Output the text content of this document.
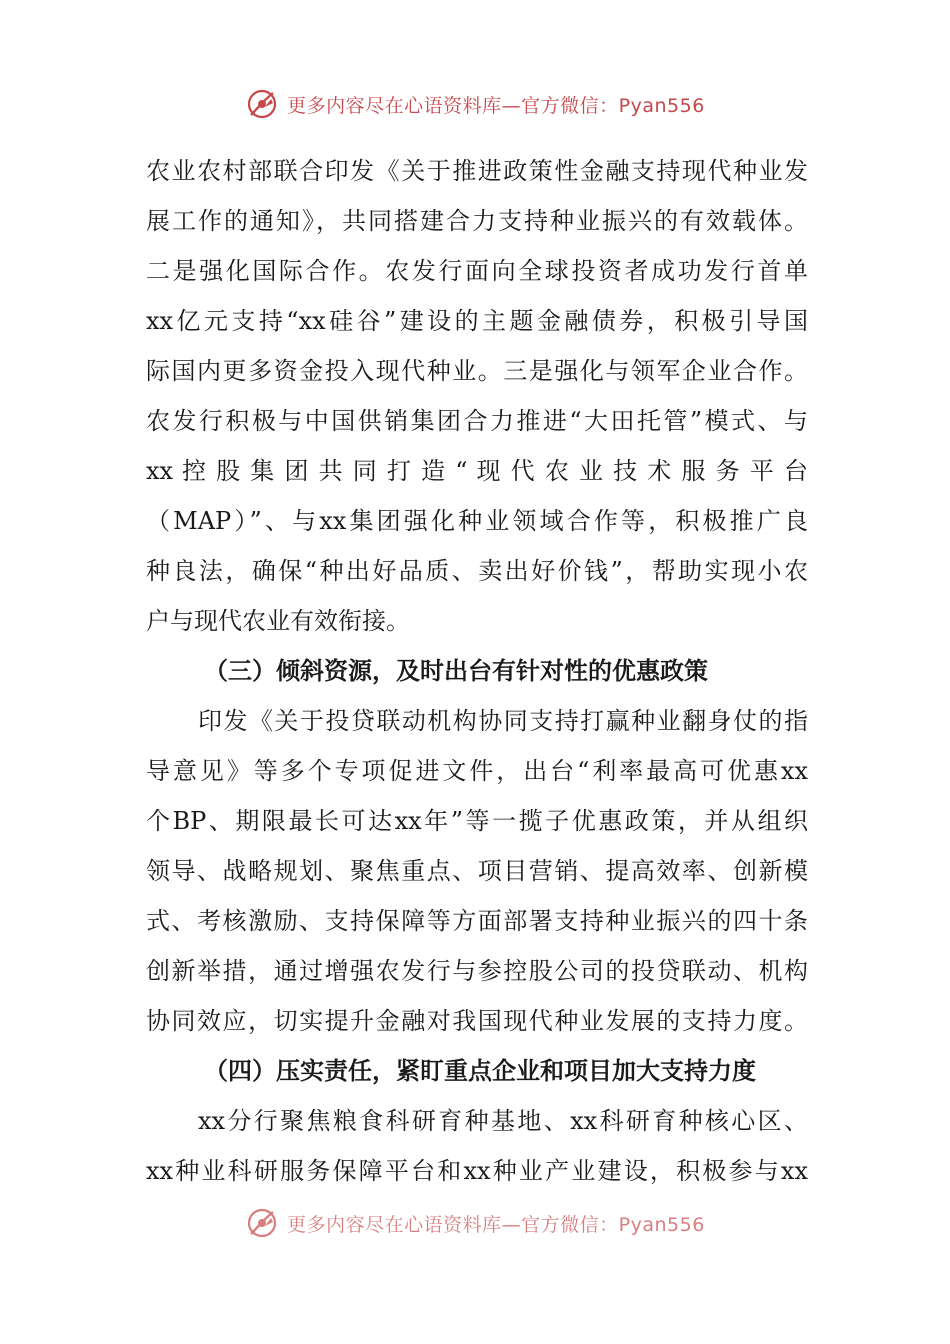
更多内容尽在心语资料库—官方微信：Pyan556
农业农村部联合印发《关于推进政策性金融支持现代种业发
展工作的通知》，共同搭建合力支持种业振兴的有效载体。
二是强化国际合作。农发行面向全球投资者成功发行首单
xx亿元支持“xx硅谷”建设的主题金融债券，积极引导国
际国内更多资金投入现代种业。三是强化与领军企业合作。
农发行积极与中国供销集团合力推进“大田托管”模式、与
xx 控 股 集 团 共 同 打 造 “ 现 代 农 业 技 术 服 务 平 台
（MAP）”、与xx集团强化种业领域合作等，积极推广良
种良法，确保“种出好品质、卖出好价钱”，帮助实现小农
户与现代农业有效衔接。
（三）倾斜资源，及时出台有针对性的优惠政策
印发《关于投贷联动机构协同支持打赢种业翻身仗的指
导意见》等多个专项促进文件，出台“利率最高可优惠xx
个BP、期限最长可达xx年”等一揽子优惠政策，并从组织
领导、战略规划、聚焦重点、项目营销、提高效率、创新模
式、考核激励、支持保障等方面部署支持种业振兴的四十条
创新举措，通过增强农发行与参控股公司的投贷联动、机构
协同效应，切实提升金融对我国现代种业发展的支持力度。
（四）压实责任，紧盯重点企业和项目加大支持力度
xx分行聚焦粮食科研育种基地、xx科研育种核心区、
xx种业科研服务保障平台和xx种业产业建设，积极参与xx
更多内容尽在心语资料库—官方微信：Pyan556
